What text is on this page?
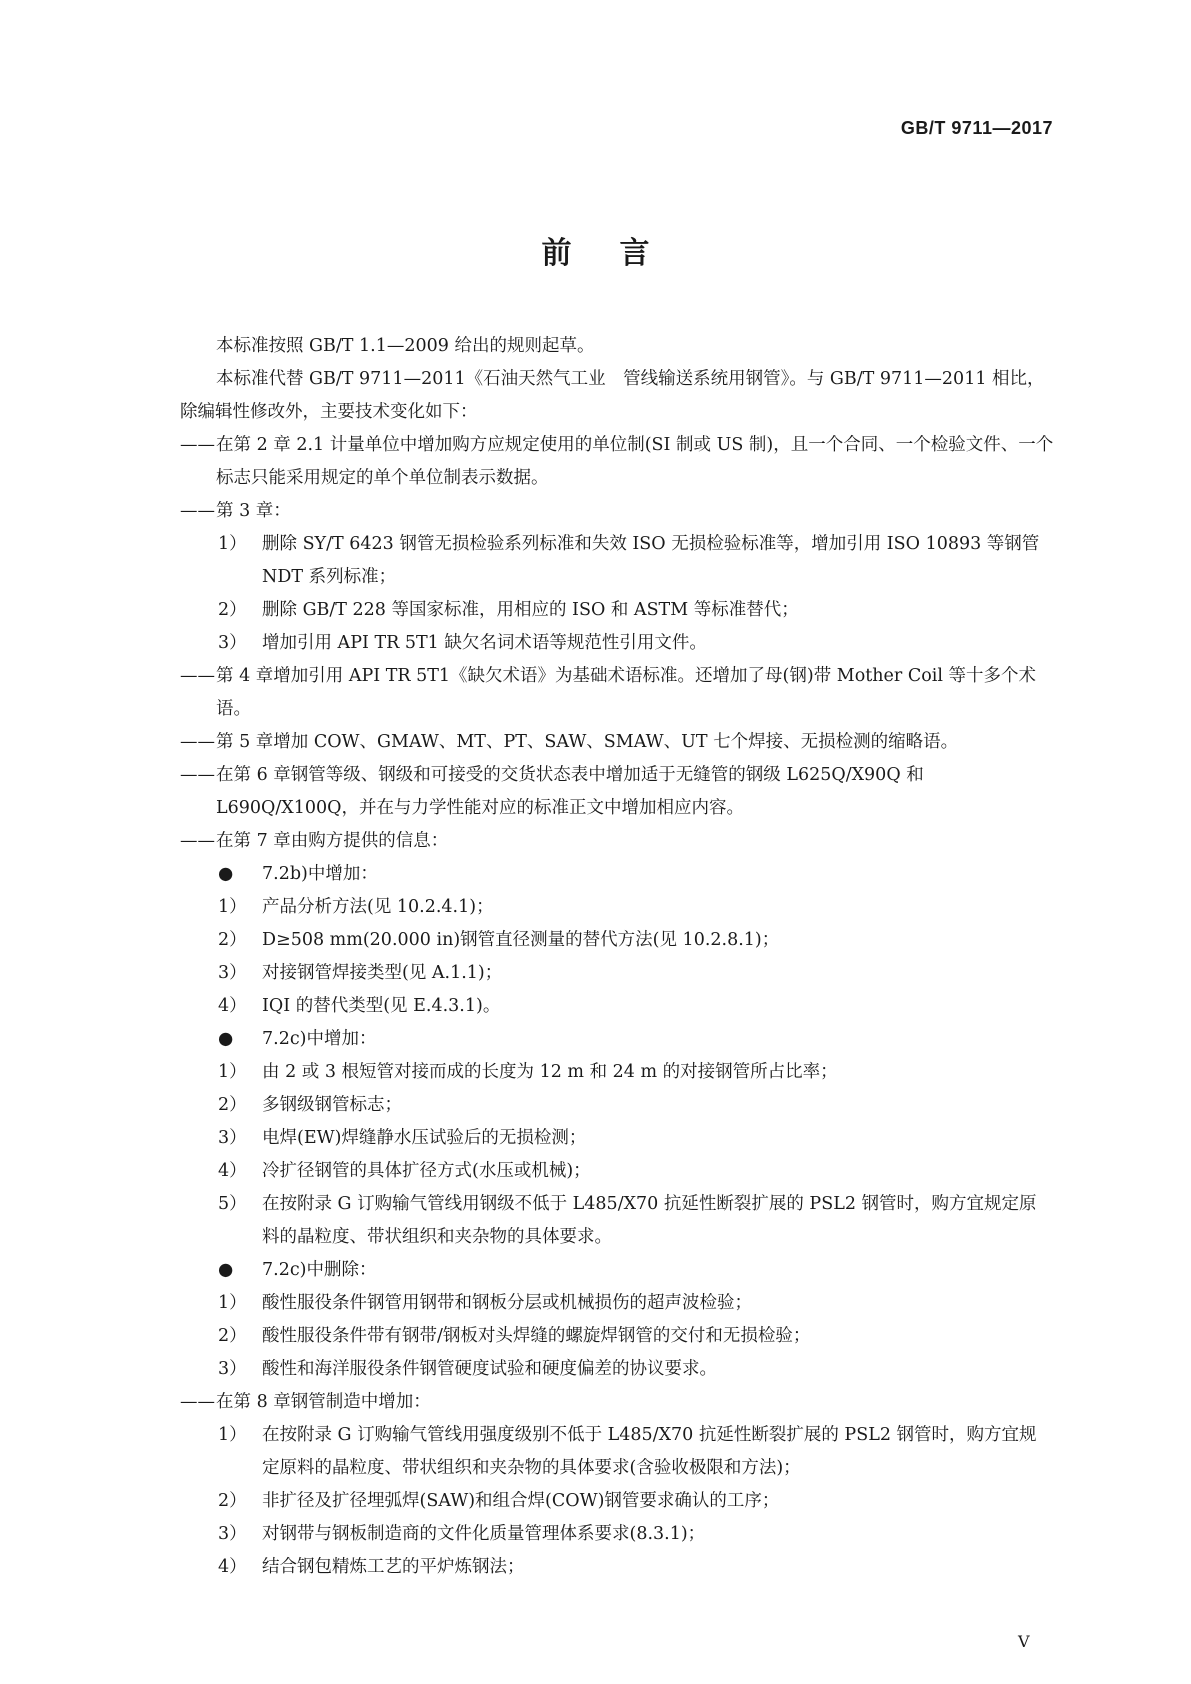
GB/T 9711—2017
前言
本标准按照 GB/T 1.1—2009 给出的规则起草。
本标准代替 GB/T 9711—2011《石油天然气工业　管线输送系统用钢管》。与 GB/T 9711—2011 相比，除编辑性修改外，主要技术变化如下：
—— 在第 2 章 2.1 计量单位中增加购方应规定使用的单位制(SI 制或 US 制)，且一个合同、一个检验文件、一个标志只能采用规定的单个单位制表示数据。
—— 第 3 章：
1） 删除 SY/T 6423 钢管无损检验系列标准和失效 ISO 无损检验标准等，增加引用 ISO 10893 等钢管 NDT 系列标准；
2） 删除 GB/T 228 等国家标准，用相应的 ISO 和 ASTM 等标准替代；
3） 增加引用 API TR 5T1 缺欠名词术语等规范性引用文件。
—— 第 4 章增加引用 API TR 5T1《缺欠术语》为基础术语标准。还增加了母(钢)带 Mother Coil 等十多个术语。
—— 第 5 章增加 COW、GMAW、MT、PT、SAW、SMAW、UT 七个焊接、无损检测的缩略语。
—— 在第 6 章钢管等级、钢级和可接受的交货状态表中增加适于无缝管的钢级 L625Q/X90Q 和 L690Q/X100Q，并在与力学性能对应的标准正文中增加相应内容。
—— 在第 7 章由购方提供的信息：
● 7.2b)中增加：
1） 产品分析方法(见 10.2.4.1)；
2） D≥508 mm(20.000 in)钢管直径测量的替代方法(见 10.2.8.1)；
3） 对接钢管焊接类型(见 A.1.1)；
4） IQI 的替代类型(见 E.4.3.1)。
● 7.2c)中增加：
1） 由 2 或 3 根短管对接而成的长度为 12 m 和 24 m 的对接钢管所占比率；
2） 多钢级钢管标志；
3） 电焊(EW)焊缝静水压试验后的无损检测；
4） 冷扩径钢管的具体扩径方式(水压或机械)；
5） 在按附录 G 订购输气管线用钢级不低于 L485/X70 抗延性断裂扩展的 PSL2 钢管时，购方宜规定原料的晶粒度、带状组织和夹杂物的具体要求。
● 7.2c)中删除：
1） 酸性服役条件钢管用钢带和钢板分层或机械损伤的超声波检验；
2） 酸性服役条件带有钢带/钢板对头焊缝的螺旋焊钢管的交付和无损检验；
3） 酸性和海洋服役条件钢管硬度试验和硬度偏差的协议要求。
—— 在第 8 章钢管制造中增加：
1） 在按附录 G 订购输气管线用强度级别不低于 L485/X70 抗延性断裂扩展的 PSL2 钢管时，购方宜规定原料的晶粒度、带状组织和夹杂物的具体要求(含验收极限和方法)；
2） 非扩径及扩径埋弧焊(SAW)和组合焊(COW)钢管要求确认的工序；
3） 对钢带与钢板制造商的文件化质量管理体系要求(8.3.1)；
4） 结合钢包精炼工艺的平炉炼钢法；
V
